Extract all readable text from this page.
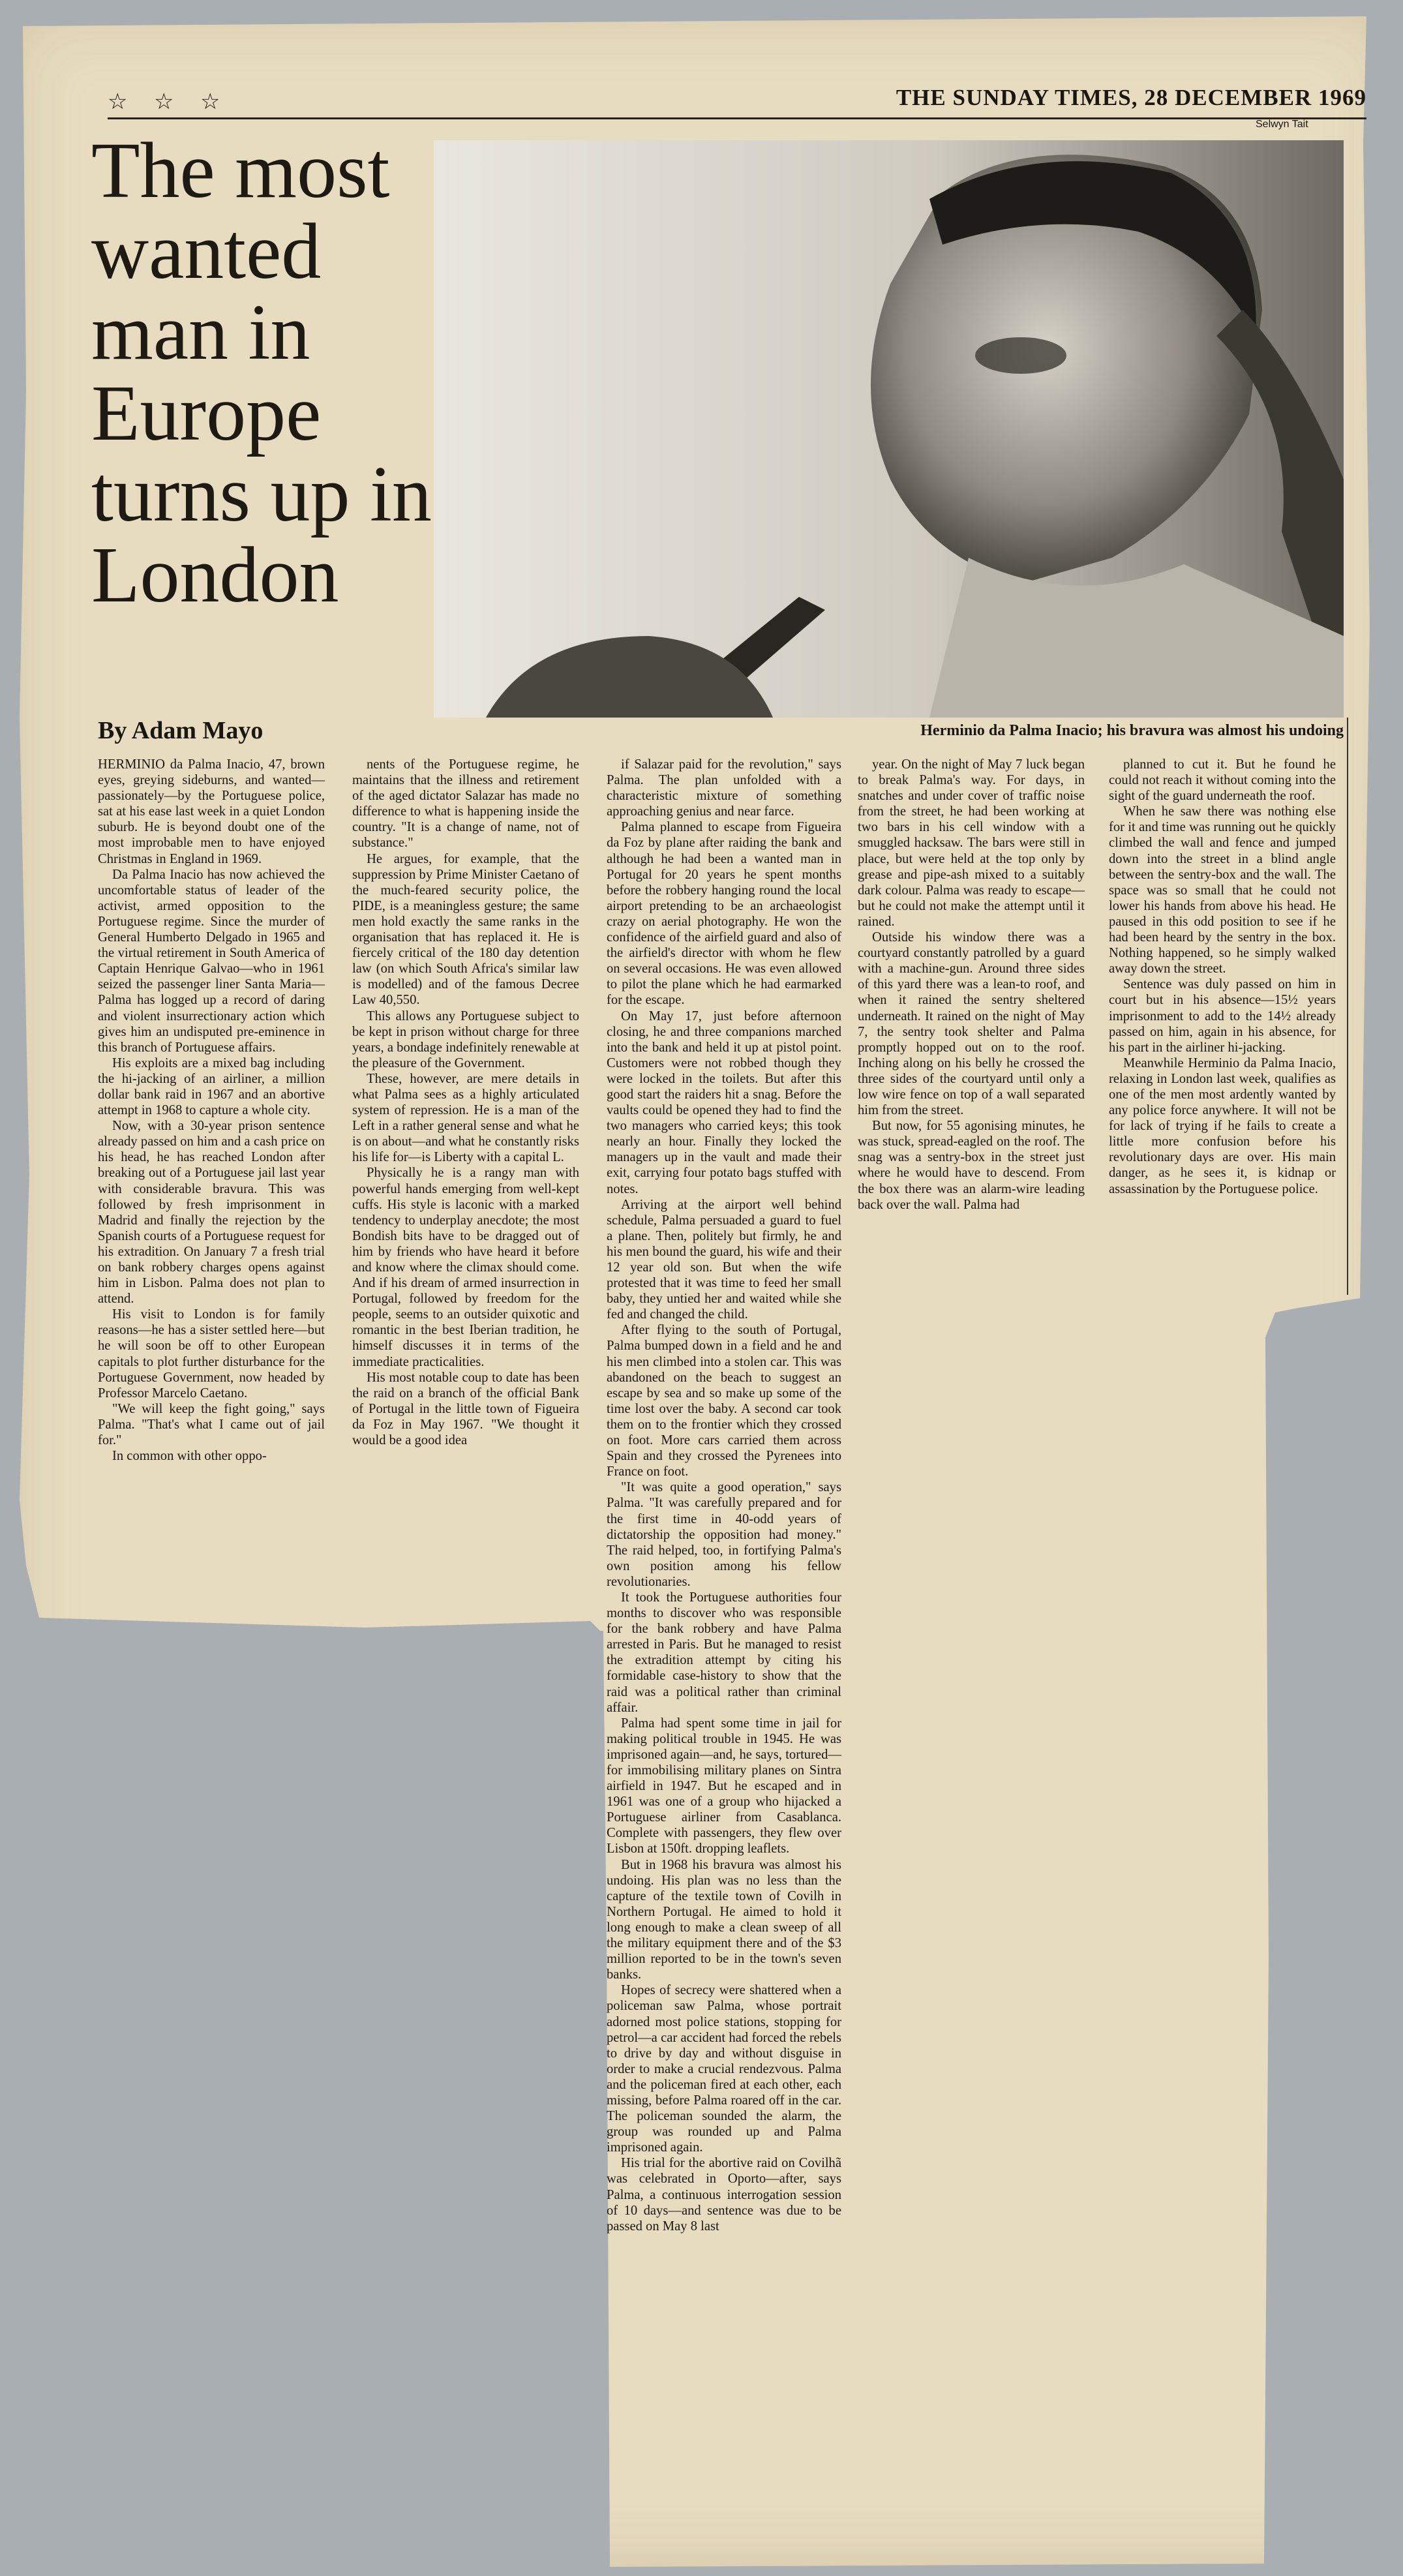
☆ ☆ ☆	THE SUNDAY TIMES, 28 DECEMBER 1969
The most wanted man in Europe turns up in London
By Adam Mayo
Selwyn Tait
Herminio da Palma Inacio; his bravura was almost his undoing

HERMINIO da Palma Inacio, 47, brown eyes, greying sideburns, and wanted—passionately—by the Portuguese police, sat at his ease last week in a quiet London suburb. He is beyond doubt one of the most improbable men to have enjoyed Christmas in England in 1969.

Da Palma Inacio has now achieved the uncomfortable status of leader of the activist, armed opposition to the Portuguese regime. Since the murder of General Humberto Delgado in 1965 and the virtual retirement in South America of Captain Henrique Galvao—who in 1961 seized the passenger liner Santa Maria—Palma has logged up a record of daring and violent insurrectionary action which gives him an undisputed pre-eminence in this branch of Portuguese affairs.

His exploits are a mixed bag including the hi-jacking of an airliner, a million dollar bank raid in 1967 and an abortive attempt in 1968 to capture a whole city.

Now, with a 30-year prison sentence already passed on him and a cash price on his head, he has reached London after breaking out of a Portuguese jail last year with considerable bravura. This was followed by fresh imprisonment in Madrid and finally the rejection by the Spanish courts of a Portuguese request for his extradition. On January 7 a fresh trial on bank robbery charges opens against him in Lisbon. Palma does not plan to attend.

His visit to London is for family reasons—he has a sister settled here—but he will soon be off to other European capitals to plot further disturbance for the Portuguese Government, now headed by Professor Marcelo Caetano.

"We will keep the fight going," says Palma. "That's what I came out of jail for."

In common with other oppo-

nents of the Portuguese regime, he maintains that the illness and retirement of the aged dictator Salazar has made no difference to what is happening inside the country. "It is a change of name, not of substance."

He argues, for example, that the suppression by Prime Minister Caetano of the much-feared security police, the PIDE, is a meaningless gesture; the same men hold exactly the same ranks in the organisation that has replaced it. He is fiercely critical of the 180 day detention law (on which South Africa's similar law is modelled) and of the famous Decree Law 40,550.

This allows any Portuguese subject to be kept in prison without charge for three years, a bondage indefinitely renewable at the pleasure of the Government.

These, however, are mere details in what Palma sees as a highly articulated system of repression. He is a man of the Left in a rather general sense and what he is on about—and what he constantly risks his life for—is Liberty with a capital L.

Physically he is a rangy man with powerful hands emerging from well-kept cuffs. His style is laconic with a marked tendency to underplay anecdote; the most Bondish bits have to be dragged out of him by friends who have heard it before and know where the climax should come. And if his dream of armed insurrection in Portugal, followed by freedom for the people, seems to an outsider quixotic and romantic in the best Iberian tradition, he himself discusses it in terms of the immediate practicalities.

His most notable coup to date has been the raid on a branch of the official Bank of Portugal in the little town of Figueira da Foz in May 1967. "We thought it would be a good idea

if Salazar paid for the revolution," says Palma. The plan unfolded with a characteristic mixture of something approaching genius and near farce.

Palma planned to escape from Figueira da Foz by plane after raiding the bank and although he had been a wanted man in Portugal for 20 years he spent months before the robbery hanging round the local airport pretending to be an archaeologist crazy on aerial photography. He won the confidence of the airfield guard and also of the airfield's director with whom he flew on several occasions. He was even allowed to pilot the plane which he had earmarked for the escape.

On May 17, just before afternoon closing, he and three companions marched into the bank and held it up at pistol point. Customers were not robbed though they were locked in the toilets. But after this good start the raiders hit a snag. Before the vaults could be opened they had to find the two managers who carried keys; this took nearly an hour. Finally they locked the managers up in the vault and made their exit, carrying four potato bags stuffed with notes.

Arriving at the airport well behind schedule, Palma persuaded a guard to fuel a plane. Then, politely but firmly, he and his men bound the guard, his wife and their 12 year old son. But when the wife protested that it was time to feed her small baby, they untied her and waited while she fed and changed the child.

After flying to the south of Portugal, Palma bumped down in a field and he and his men climbed into a stolen car. This was abandoned on the beach to suggest an escape by sea and so make up some of the time lost over the baby. A second car took them on to the frontier which they crossed on foot. More cars carried them across Spain and they crossed the Pyrenees into France on foot.

"It was quite a good operation," says Palma. "It was carefully prepared and for the first time in 40-odd years of dictatorship the opposition had money." The raid helped, too, in fortifying Palma's own position among his fellow revolutionaries.

It took the Portuguese authorities four months to discover who was responsible for the bank robbery and have Palma arrested in Paris. But he managed to resist the extradition attempt by citing his formidable case-history to show that the raid was a political rather than criminal affair.

Palma had spent some time in jail for making political trouble in 1945. He was imprisoned again—and, he says, tortured—for immobilising military planes on Sintra airfield in 1947. But he escaped and in 1961 was one of a group who hijacked a Portuguese airliner from Casablanca. Complete with passengers, they flew over Lisbon at 150ft. dropping leaflets.

But in 1968 his bravura was almost his undoing. His plan was no less than the capture of the textile town of Covilh in Northern Portugal. He aimed to hold it long enough to make a clean sweep of all the military equipment there and of the $3 million reported to be in the town's seven banks.

Hopes of secrecy were shattered when a policeman saw Palma, whose portrait adorned most police stations, stopping for petrol—a car accident had forced the rebels to drive by day and without disguise in order to make a crucial rendezvous. Palma and the policeman fired at each other, each missing, before Palma roared off in the car. The policeman sounded the alarm, the group was rounded up and Palma imprisoned again.

His trial for the abortive raid on Covilhã was celebrated in Oporto—after, says Palma, a continuous interrogation session of 10 days—and sentence was due to be passed on May 8 last

year. On the night of May 7 luck began to break Palma's way. For days, in snatches and under cover of traffic noise from the street, he had been working at two bars in his cell window with a smuggled hacksaw. The bars were still in place, but were held at the top only by grease and pipe-ash mixed to a suitably dark colour. Palma was ready to escape—but he could not make the attempt until it rained.

Outside his window there was a courtyard constantly patrolled by a guard with a machine-gun. Around three sides of this yard there was a lean-to roof, and when it rained the sentry sheltered underneath. It rained on the night of May 7, the sentry took shelter and Palma promptly hopped out on to the roof. Inching along on his belly he crossed the three sides of the courtyard until only a low wire fence on top of a wall separated him from the street.

But now, for 55 agonising minutes, he was stuck, spread-eagled on the roof. The snag was a sentry-box in the street just where he would have to descend. From the box there was an alarm-wire leading back over the wall. Palma had

planned to cut it. But he found he could not reach it without coming into the sight of the guard underneath the roof.

When he saw there was nothing else for it and time was running out he quickly climbed the wall and fence and jumped down into the street in a blind angle between the sentry-box and the wall. The space was so small that he could not lower his hands from above his head. He paused in this odd position to see if he had been heard by the sentry in the box. Nothing happened, so he simply walked away down the street.

Sentence was duly passed on him in court but in his absence—15½ years imprisonment to add to the 14½ already passed on him, again in his absence, for his part in the airliner hi-jacking.

Meanwhile Herminio da Palma Inacio, relaxing in London last week, qualifies as one of the men most ardently wanted by any police force anywhere. It will not be for lack of trying if he fails to create a little more confusion before his revolutionary days are over. His main danger, as he sees it, is kidnap or assassination by the Portuguese police.
